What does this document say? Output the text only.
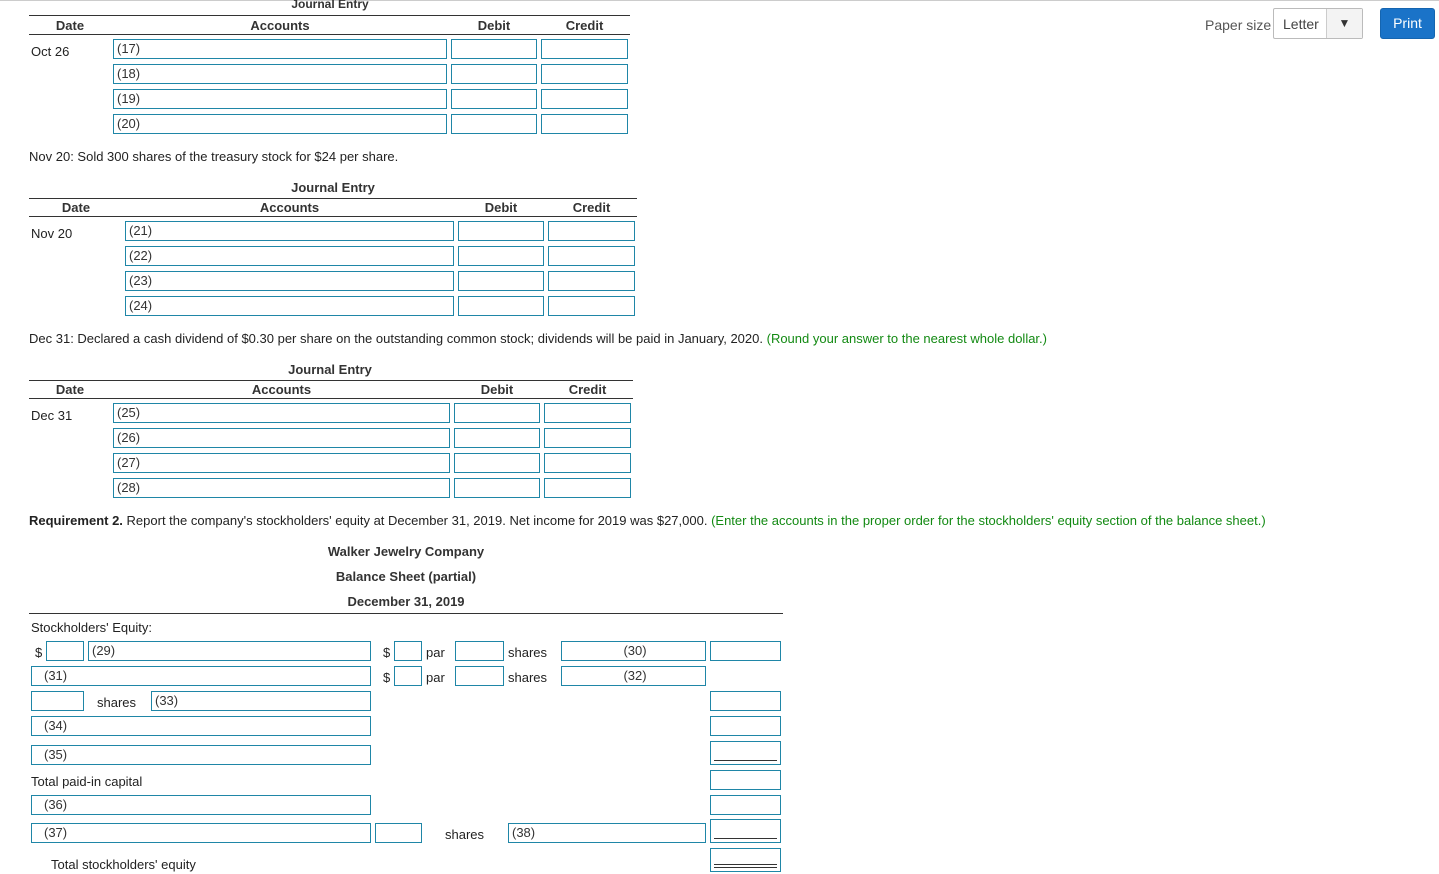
Paper size Letter	▼	Print
Journal Entry
Date	Accounts	Debit	Credit
Oct 26	(17)
(18)
(19)
(20)
Nov 20: Sold 300 shares of the treasury stock for $24 per share.
Journal Entry
Date	Accounts	Debit	Credit
Nov 20	(21)
(22)
(23)
(24)
Dec 31: Declared a cash dividend of $0.30 per share on the outstanding common stock; dividends will be paid in January, 2020. (Round your answer to the nearest whole dollar.)
Journal Entry
Date	Accounts	Debit	Credit
Dec 31	(25)
(26)
(27)
(28)
Requirement 2. Report the company's stockholders' equity at December 31, 2019. Net income for 2019 was $27,000. (Enter the accounts in the proper order for the stockholders' equity section of the balance sheet.)
Walker Jewelry Company
Balance Sheet (partial)
December 31, 2019
Stockholders' Equity:
$	(29)	$	par	shares	(30)
(31)	$	par	shares	(32)
shares	(33)
(34)
(35)
Total paid-in capital
(36)
(37)	shares	(38)
Total stockholders' equity
